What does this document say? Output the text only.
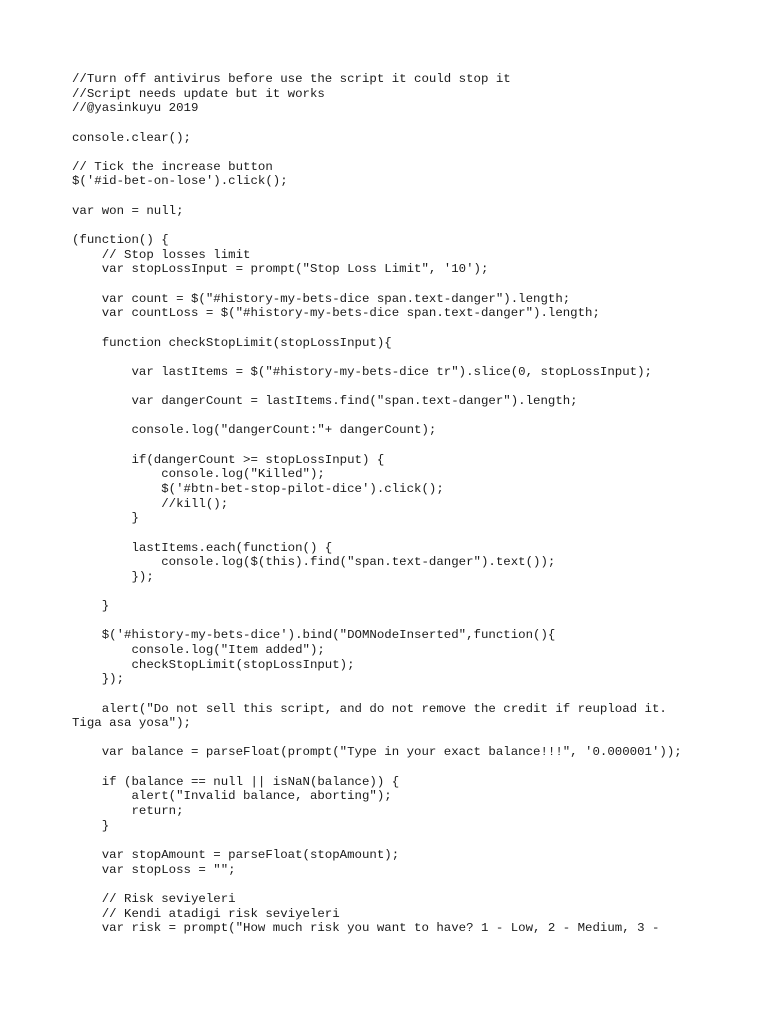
//Turn off antivirus before use the script it could stop it
//Script needs update but it works
//@yasinkuyu 2019
console.clear();
// Tick the increase button
$('#id-bet-on-lose').click();
var won = null;
(function() {
// Stop losses limit
var stopLossInput = prompt("Stop Loss Limit", '10');
var count = $("#history-my-bets-dice span.text-danger").length;
var countLoss = $("#history-my-bets-dice span.text-danger").length;
function checkStopLimit(stopLossInput){
var lastItems = $("#history-my-bets-dice tr").slice(0, stopLossInput);
var dangerCount = lastItems.find("span.text-danger").length;
console.log("dangerCount:"+ dangerCount);
if(dangerCount >= stopLossInput) {
console.log("Killed");
$('#btn-bet-stop-pilot-dice').click();
//kill();
}
lastItems.each(function() {
console.log($(this).find("span.text-danger").text());
});
}
$('#history-my-bets-dice').bind("DOMNodeInserted",function(){
console.log("Item added");
checkStopLimit(stopLossInput);
});
alert("Do not sell this script, and do not remove the credit if reupload it.
Tiga asa yosa");
var balance = parseFloat(prompt("Type in your exact balance!!!", '0.000001'));
if (balance == null || isNaN(balance)) {
alert("Invalid balance, aborting");
return;
}
var stopAmount = parseFloat(stopAmount);
var stopLoss = "";
// Risk seviyeleri
// Kendi atadigi risk seviyeleri
var risk = prompt("How much risk you want to have? 1 - Low, 2 - Medium, 3 -
